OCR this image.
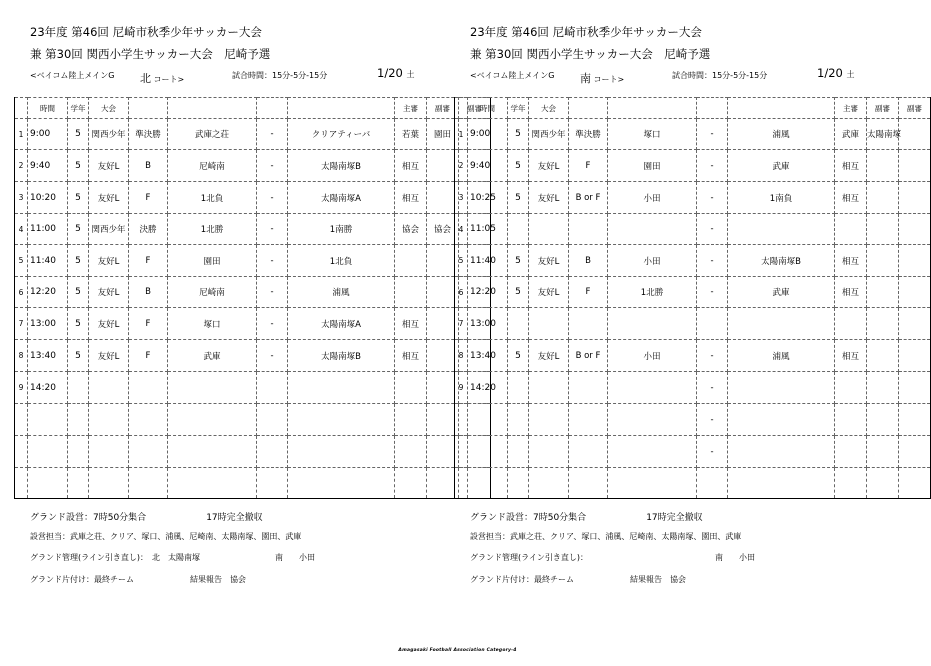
23年度 第46回 尼崎市秋季少年サッカー大会
兼 第30回 関西小学生サッカー大会　尼崎予選
<ベイコム陸上メインG 北 コート>	試合時間：15分-5分-15分	1/20 土
	時間	学年	大会					主審	副審	副審
1	9:00	5	関西少年	準決勝	武庫之荘	-	クリアティーバ	若葉	園田	
2	9:40	5	友好L	B	尼崎南	-	太陽南塚B	相互		
3	10:20	5	友好L	F	1北負	-	太陽南塚A	相互		
4	11:00	5	関西少年	決勝	1北勝	-	1南勝	協会	協会	
5	11:40	5	友好L	F	園田	-	1北負			
6	12:20	5	友好L	B	尼崎南	-	浦風			
7	13:00	5	友好L	F	塚口	-	太陽南塚A	相互		
8	13:40	5	友好L	F	武庫	-	太陽南塚B	相互		
9	14:20									

グランド設営：7時50分集合	17時完全撤収
設営担当：武庫之荘、クリア、塚口、浦風、尼崎南、太陽南塚、園田、武庫
グランド管理(ライン引き直し)：　北　太陽南塚	南　　小田
グランド片付け：最終チーム	結果報告　協会
23年度 第46回 尼崎市秋季少年サッカー大会
兼 第30回 関西小学生サッカー大会　尼崎予選
<ベイコム陸上メインG 南 コート>	試合時間：15分-5分-15分	1/20 土
	時間	学年	大会					主審	副審	副審
1	9:00	5	関西少年	準決勝	塚口	-	浦風	武庫	太陽南塚	
2	9:40	5	友好L	F	園田	-	武庫	相互		
3	10:25	5	友好L	B or F	小田	-	1南負	相互		
4	11:05					-				
5	11:40	5	友好L	B	小田	-	太陽南塚B	相互		
6	12:20	5	友好L	F	1北勝	-	武庫	相互		
7	13:00									
8	13:40	5	友好L	B or F	小田	-	浦風	相互		
9	14:20					-				
						-				
						-				

グランド設営：7時50分集合	17時完全撤収
設営担当：武庫之荘、クリア、塚口、浦風、尼崎南、太陽南塚、園田、武庫
グランド管理(ライン引き直し)：	南　　小田
グランド片付け：最終チーム	結果報告　協会
Amagasaki Football Association Category-4
